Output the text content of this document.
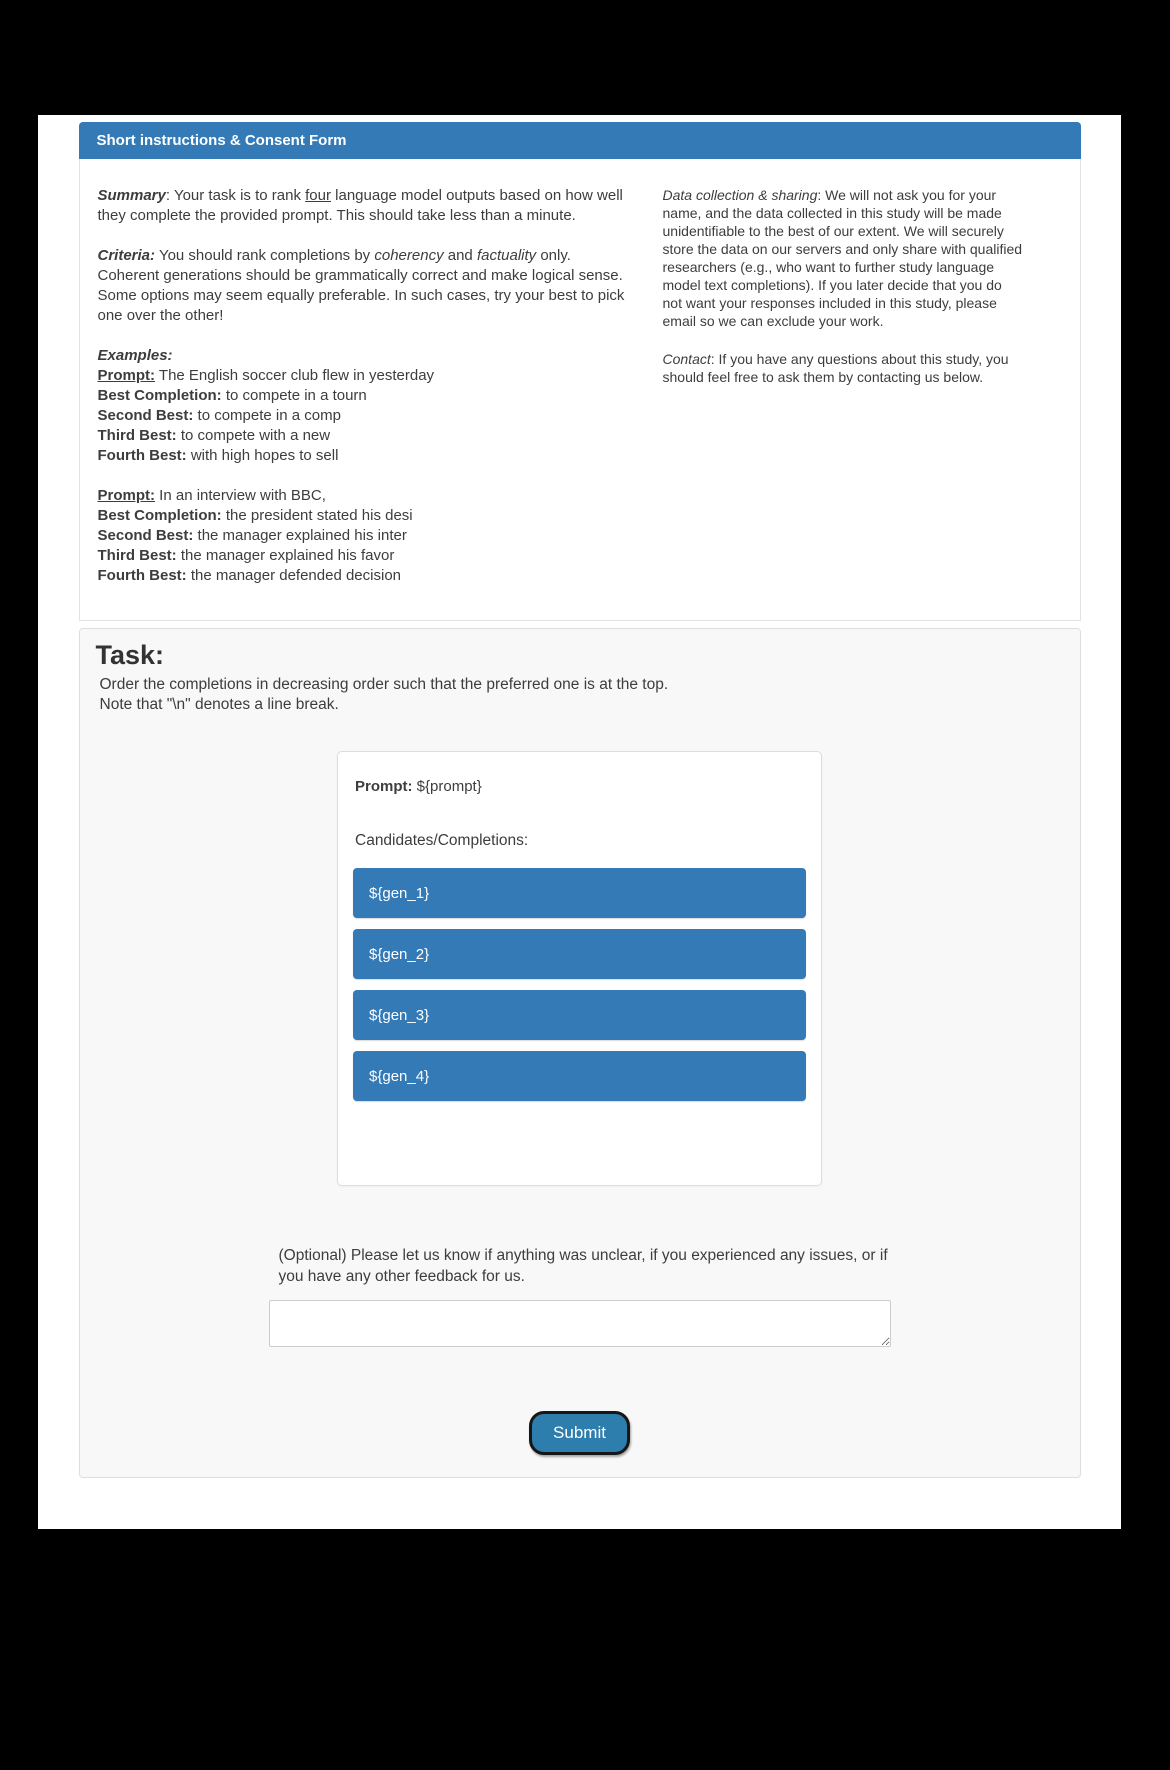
Short instructions & Consent Form

Summary: Your task is to rank four language model outputs based on how well they complete the provided prompt. This should take less than a minute.

Criteria: You should rank completions by coherency and factuality only. Coherent generations should be grammatically correct and make logical sense. Some options may seem equally preferable. In such cases, try your best to pick one over the other!

Examples:
Prompt: The English soccer club flew in yesterday
Best Completion: to compete in a tourn
Second Best: to compete in a comp
Third Best: to compete with a new
Fourth Best: with high hopes to sell
Prompt: In an interview with BBC,
Best Completion: the president stated his desi
Second Best: the manager explained his inter
Third Best: the manager explained his favor
Fourth Best: the manager defended decision

Data collection & sharing: We will not ask you for your name, and the data collected in this study will be made unidentifiable to the best of our extent. We will securely store the data on our servers and only share with qualified researchers (e.g., who want to further study language model text completions). If you later decide that you do not want your responses included in this study, please email so we can exclude your work.

Contact: If you have any questions about this study, you should feel free to ask them by contacting us below.

Task:
Order the completions in decreasing order such that the preferred one is at the top.
Note that "\n" denotes a line break.
Prompt: ${prompt}
Candidates/Completions:
${gen_1}
${gen_2}
${gen_3}
${gen_4}
(Optional) Please let us know if anything was unclear, if you experienced any issues, or if you have any other feedback for us.
Submit
